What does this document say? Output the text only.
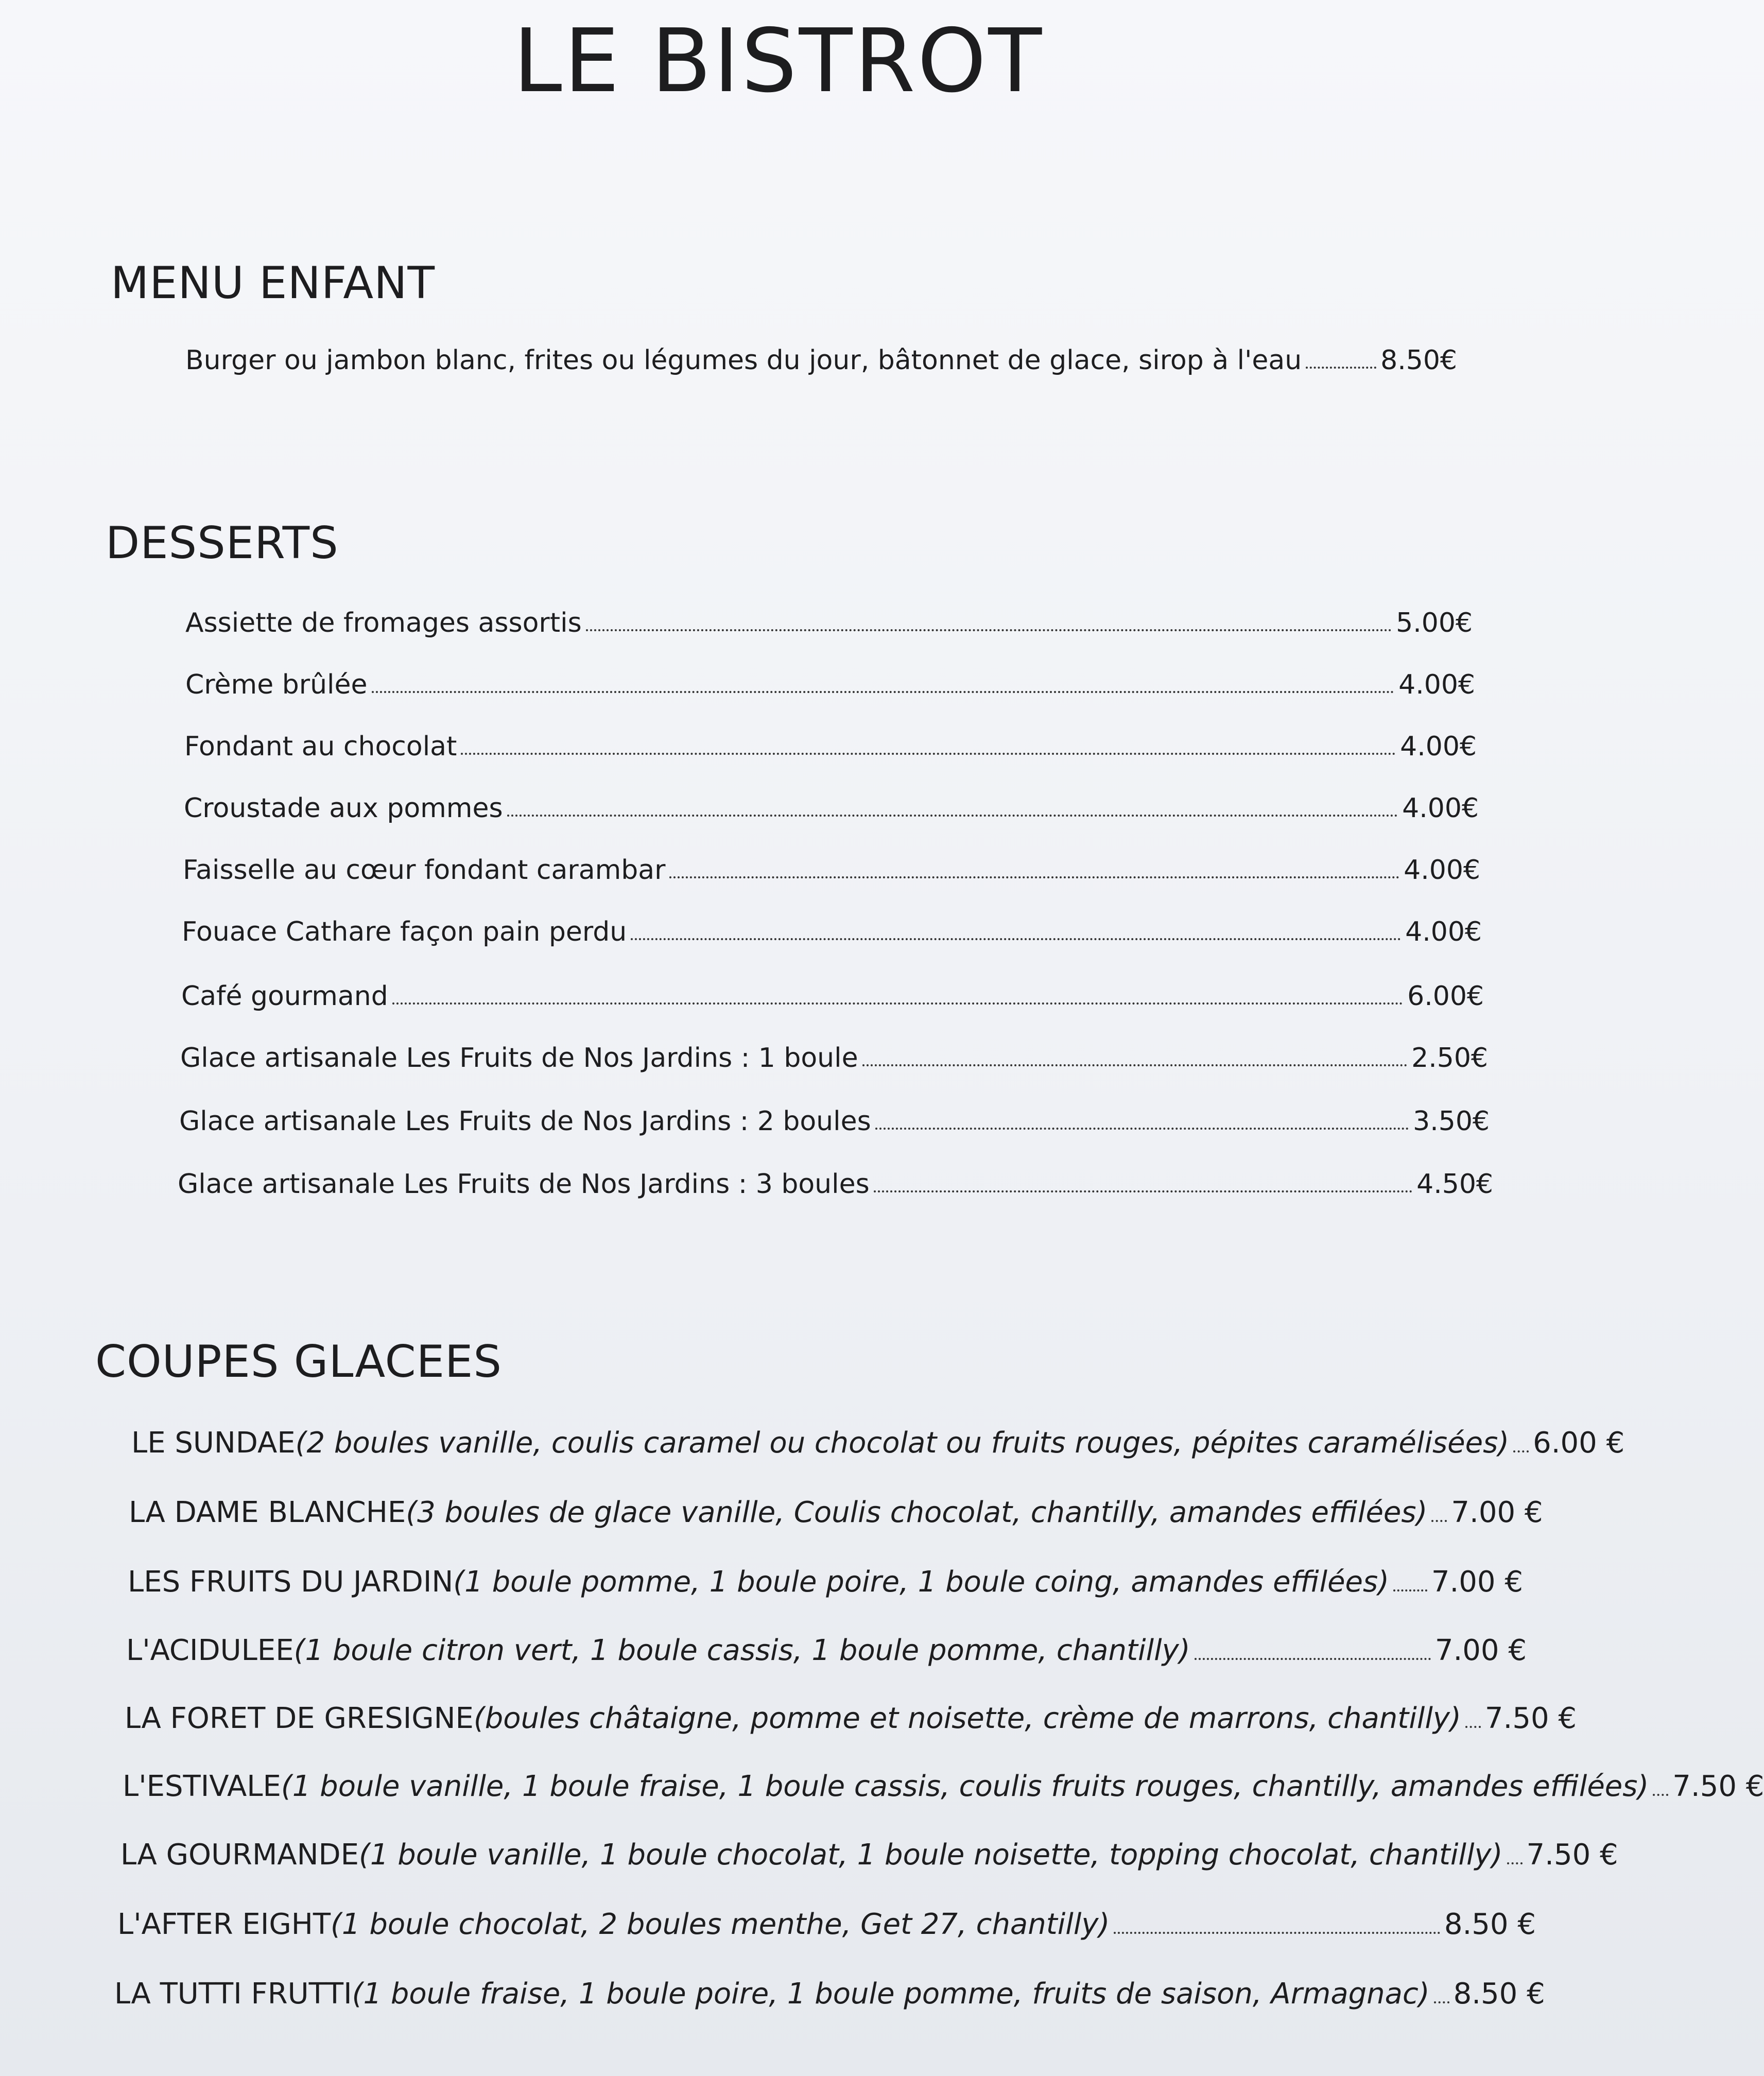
LE BISTROT
MENU ENFANT
Burger ou jambon blanc, frites ou légumes du jour, bâtonnet de glace, sirop à l'eau	8.50€
DESSERTS
Assiette de fromages assortis	5.00€
Crème brûlée	4.00€
Fondant au chocolat	4.00€
Croustade aux pommes	4.00€
Faisselle au cœur fondant carambar	4.00€
Fouace Cathare façon pain perdu	4.00€
Café gourmand	6.00€
Glace artisanale Les Fruits de Nos Jardins : 1 boule	2.50€
Glace artisanale Les Fruits de Nos Jardins : 2 boules	3.50€
Glace artisanale Les Fruits de Nos Jardins : 3 boules	4.50€
COUPES GLACEES
LE SUNDAE (2 boules vanille, coulis caramel ou chocolat ou fruits rouges, pépites caramélisées) 6.00 €
LA DAME BLANCHE (3 boules de glace vanille, Coulis chocolat, chantilly, amandes effilées) 7.00 €
LES FRUITS DU JARDIN (1 boule pomme, 1 boule poire, 1 boule coing, amandes effilées) 7.00 €
L'ACIDULEE (1 boule citron vert, 1 boule cassis, 1 boule pomme, chantilly)	7.00 €
LA FORET DE GRESIGNE (boules châtaigne, pomme et noisette, crème de marrons, chantilly) 7.50 €
L'ESTIVALE (1 boule vanille, 1 boule fraise, 1 boule cassis, coulis fruits rouges, chantilly, amandes effilées) 7.50 €
LA GOURMANDE (1 boule vanille, 1 boule chocolat, 1 boule noisette, topping chocolat, chantilly) 7.50 €
L'AFTER EIGHT (1 boule chocolat, 2 boules menthe, Get 27, chantilly)	8.50 €
LA TUTTI FRUTTI (1 boule fraise, 1 boule poire, 1 boule pomme, fruits de saison, Armagnac) 8.50 €
